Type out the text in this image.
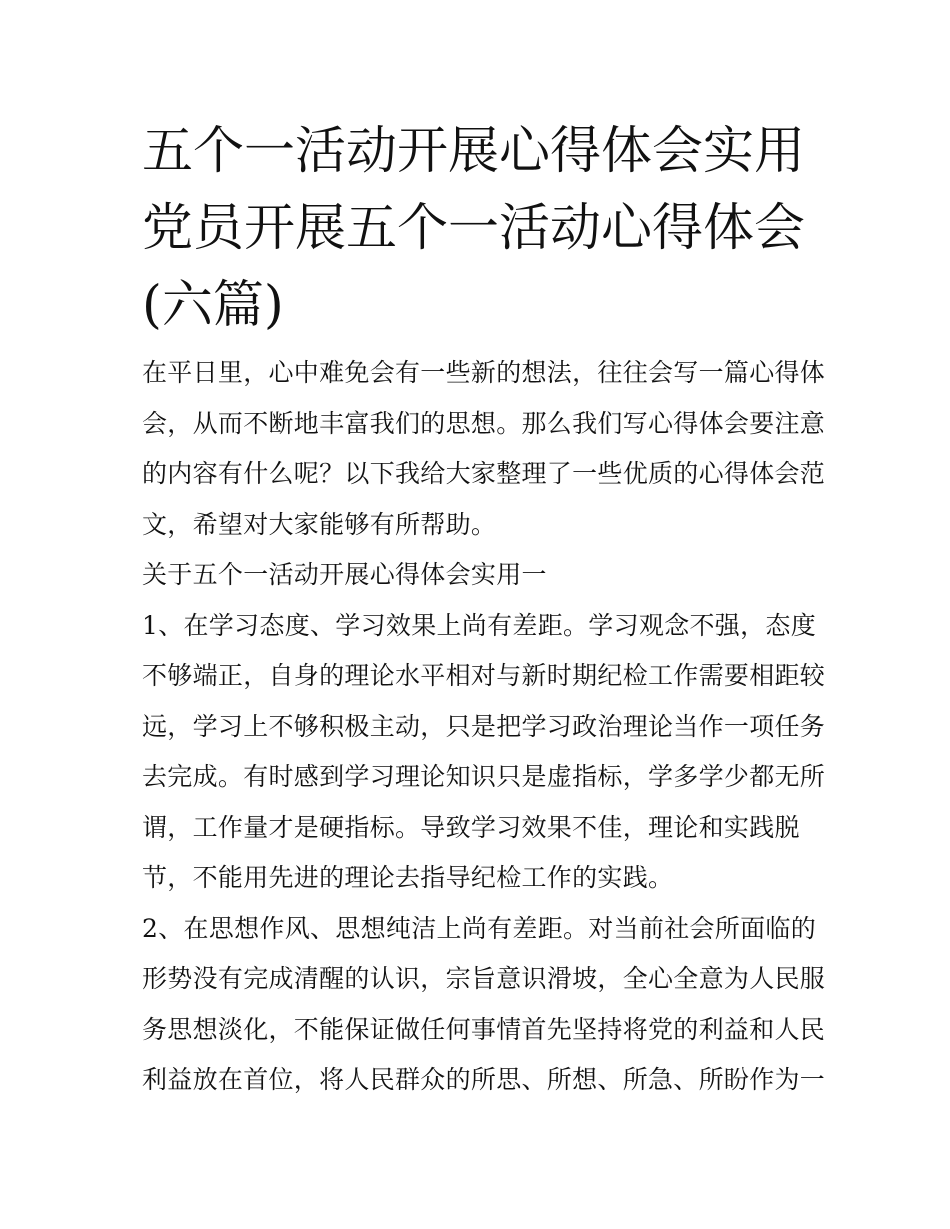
五个一活动开展心得体会实用
党员开展五个一活动心得体会
(六篇)

在平日里，心中难免会有一些新的想法，往往会写一篇心得体
会，从而不断地丰富我们的思想。那么我们写心得体会要注意
的内容有什么呢？以下我给大家整理了一些优质的心得体会范
文，希望对大家能够有所帮助。

关于五个一活动开展心得体会实用一

1、在学习态度、学习效果上尚有差距。学习观念不强，态度
不够端正，自身的理论水平相对与新时期纪检工作需要相距较
远，学习上不够积极主动，只是把学习政治理论当作一项任务
去完成。有时感到学习理论知识只是虚指标，学多学少都无所
谓，工作量才是硬指标。导致学习效果不佳，理论和实践脱
节，不能用先进的理论去指导纪检工作的实践。

2、在思想作风、思想纯洁上尚有差距。对当前社会所面临的
形势没有完成清醒的认识，宗旨意识滑坡，全心全意为人民服
务思想淡化，不能保证做任何事情首先坚持将党的利益和人民
利益放在首位，将人民群众的所思、所想、所急、所盼作为一
